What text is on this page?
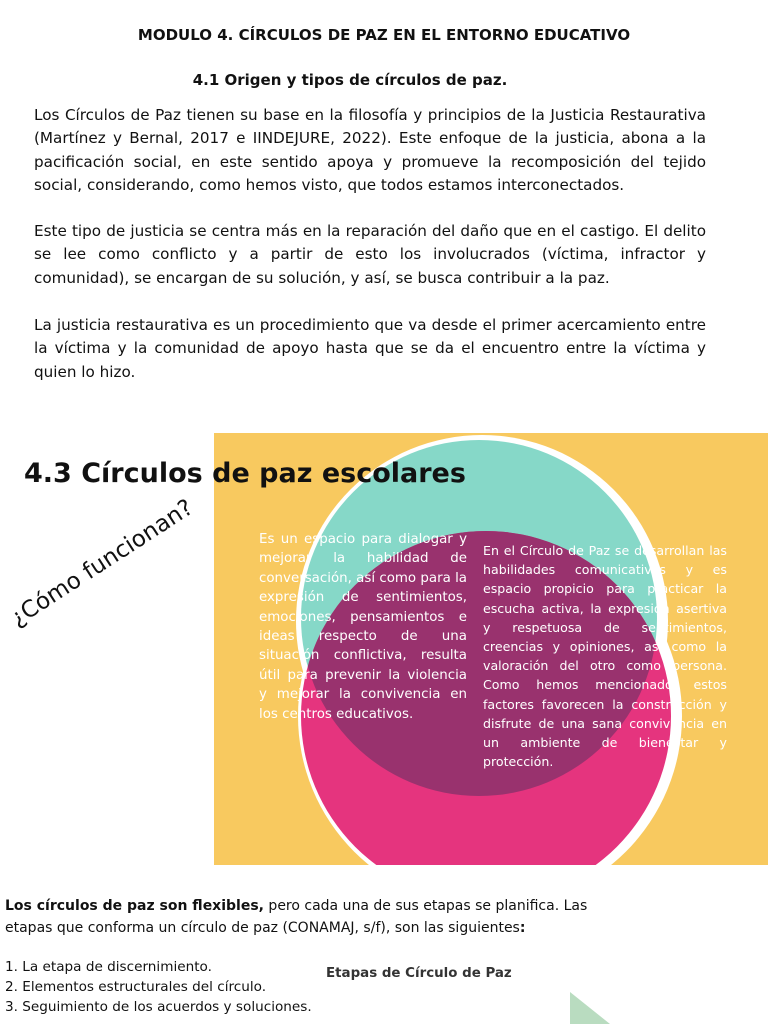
MODULO 4. CÍRCULOS DE PAZ EN EL ENTORNO EDUCATIVO
4.1 Origen y tipos de círculos de paz.

Los Círculos de Paz tienen su base en la filosofía y principios de la Justicia Restaurativa (Martínez y Bernal, 2017 e IINDEJURE, 2022). Este enfoque de la justicia, abona a la pacificación social, en este sentido apoya y promueve la recomposición del tejido social, considerando, como hemos visto, que todos estamos interconectados.

Este tipo de justicia se centra más en la reparación del daño que en el castigo. El delito se lee como conflicto y a partir de esto los involucrados (víctima, infractor y comunidad), se encargan de su solución, y así, se busca contribuir a la paz.

La justicia restaurativa es un procedimiento que va desde el primer acercamiento entre la víctima y la comunidad de apoyo hasta que se da el encuentro entre la víctima y quien lo hizo.

4.3 Círculos de paz escolares
¿Cómo funcionan?	Es un espacio para dialogar y mejorar la habilidad de conversación, así como para la expresión de sentimientos, emociones, pensamientos e ideas respecto de una situación conflictiva, resulta útil para prevenir la violencia y mejorar la convivencia en los centros educativos.

En el Círculo de Paz se desarrollan las habilidades comunicativas y es espacio propicio para practicar la escucha activa, la expresión asertiva y respetuosa de sentimientos, creencias y opiniones, así como la valoración del otro como persona. Como hemos mencionado, estos factores favorecen la construcción y disfrute de una sana convivencia en un ambiente de bienestar y protección.

Los círculos de paz son flexibles, pero cada una de sus etapas se planifica. Las etapas que conforma un círculo de paz (CONAMAJ, s/f), son las siguientes:
1. La etapa de discernimiento.
2. Elementos estructurales del círculo.
3. Seguimiento de los acuerdos y soluciones.
Etapas de Círculo de Paz
